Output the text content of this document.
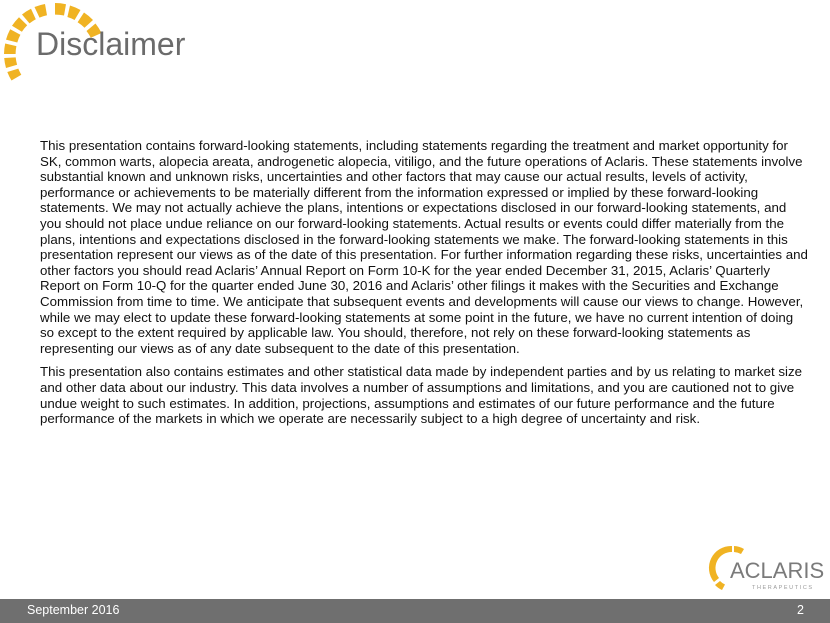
Disclaimer

This presentation contains forward-looking statements, including statements regarding the treatment and market opportunity for SK, common warts, alopecia areata, androgenetic alopecia, vitiligo, and the future operations of Aclaris. These statements involve substantial known and unknown risks, uncertainties and other factors that may cause our actual results, levels of activity, performance or achievements to be materially different from the information expressed or implied by these forward-looking statements. We may not actually achieve the plans, intentions or expectations disclosed in our forward-looking statements, and you should not place undue reliance on our forward-looking statements. Actual results or events could differ materially from the plans, intentions and expectations disclosed in the forward-looking statements we make. The forward-looking statements in this presentation represent our views as of the date of this presentation. For further information regarding these risks, uncertainties and other factors you should read Aclaris’ Annual Report on Form 10-K for the year ended December 31, 2015, Aclaris’ Quarterly Report on Form 10-Q for the quarter ended June 30, 2016 and Aclaris’ other filings it makes with the Securities and Exchange Commission from time to time. We anticipate that subsequent events and developments will cause our views to change. However, while we may elect to update these forward-looking statements at some point in the future, we have no current intention of doing so except to the extent required by applicable law. You should, therefore, not rely on these forward-looking statements as representing our views as of any date subsequent to the date of this presentation.

This presentation also contains estimates and other statistical data made by independent parties and by us relating to market size and other data about our industry. This data involves a number of assumptions and limitations, and you are cautioned not to give undue weight to such estimates. In addition, projections, assumptions and estimates of our future performance and the future performance of the markets in which we operate are necessarily subject to a high degree of uncertainty and risk.

ACLARIS
THERAPEUTICS
September 2016	2
